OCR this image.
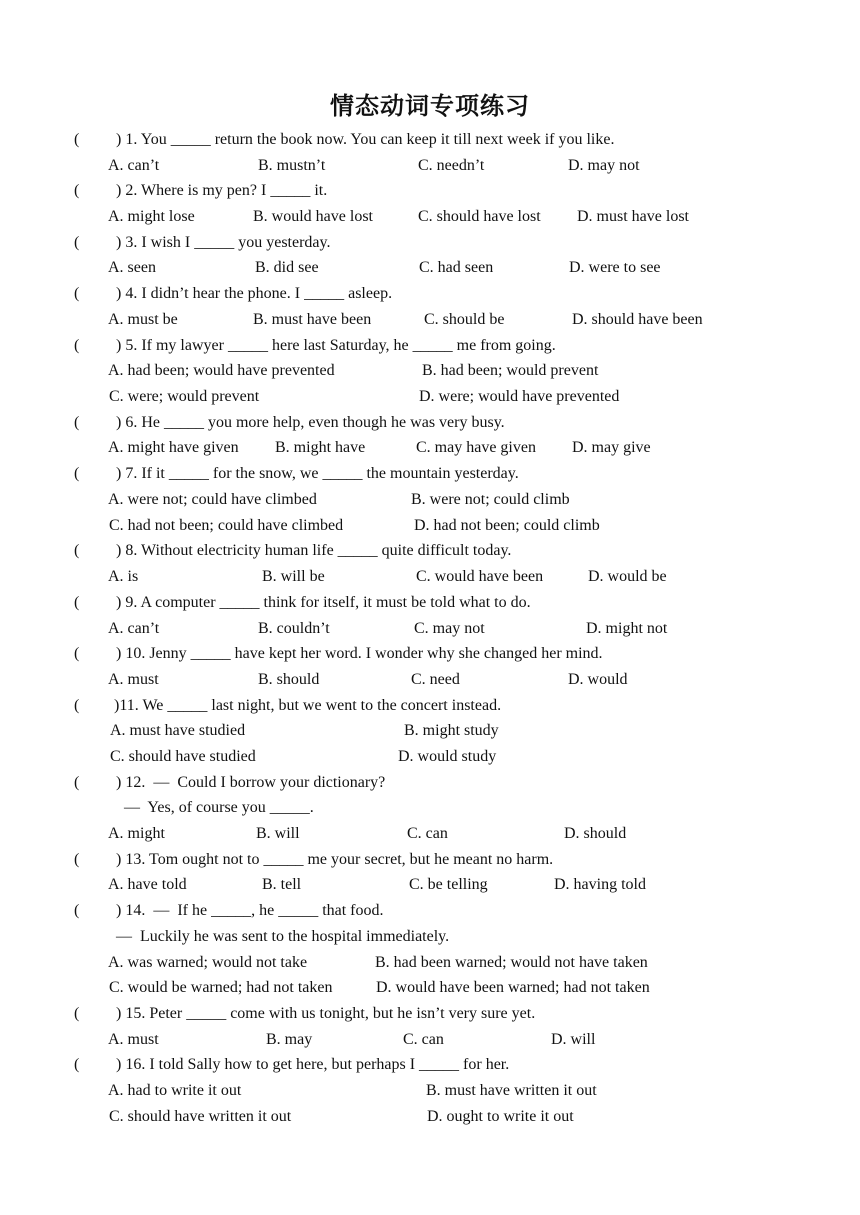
情态动词专项练习
( ) 1. You _____ return the book now. You can keep it till next week if you like.
A. can’t	B. mustn’t	C. needn’t	D. may not
( ) 2. Where is my pen? I _____ it.
A. might lose	B. would have lost	C. should have lost D. must have lost
( ) 3. I wish I _____ you yesterday.
A. seen	B. did see	C. had seen	D. were to see
( ) 4. I didn’t hear the phone. I _____ asleep.
A. must be	B. must have been	C. should be	D. should have been
( ) 5. If my lawyer _____ here last Saturday, he _____ me from going.
A. had been; would have prevented	B. had been; would prevent
C. were; would prevent	D. were; would have prevented
( ) 6. He _____ you more help, even though he was very busy.
A. might have given B. might have	C. may have given D. may give
( ) 7. If it _____ for the snow, we _____ the mountain yesterday.
A. were not; could have climbed	B. were not; could climb
C. had not been; could have climbed	D. had not been; could climb
( ) 8. Without electricity human life _____ quite difficult today.
A. is	B. will be	C. would have been	D. would be
( ) 9. A computer _____ think for itself, it must be told what to do.
A. can’t	B. couldn’t	C. may not	D. might not
( ) 10. Jenny _____ have kept her word. I wonder why she changed her mind.
A. must	B. should	C. need	D. would
( )11. We _____ last night, but we went to the concert instead.
A. must have studied	B. might study
C. should have studied	D. would study
( ) 12.  —  Could I borrow your dictionary?
—  Yes, of course you _____.
A. might	B. will	C. can	D. should
( ) 13. Tom ought not to _____ me your secret, but he meant no harm.
A. have told	B. tell	C. be telling	D. having told
( ) 14.  —  If he _____, he _____ that food.
—  Luckily he was sent to the hospital immediately.
A. was warned; would not take	B. had been warned; would not have taken
C. would be warned; had not taken	D. would have been warned; had not taken
( ) 15. Peter _____ come with us tonight, but he isn’t very sure yet.
A. must	B. may	C. can	D. will
( ) 16. I told Sally how to get here, but perhaps I _____ for her.
A. had to write it out	B. must have written it out
C. should have written it out	D. ought to write it out
